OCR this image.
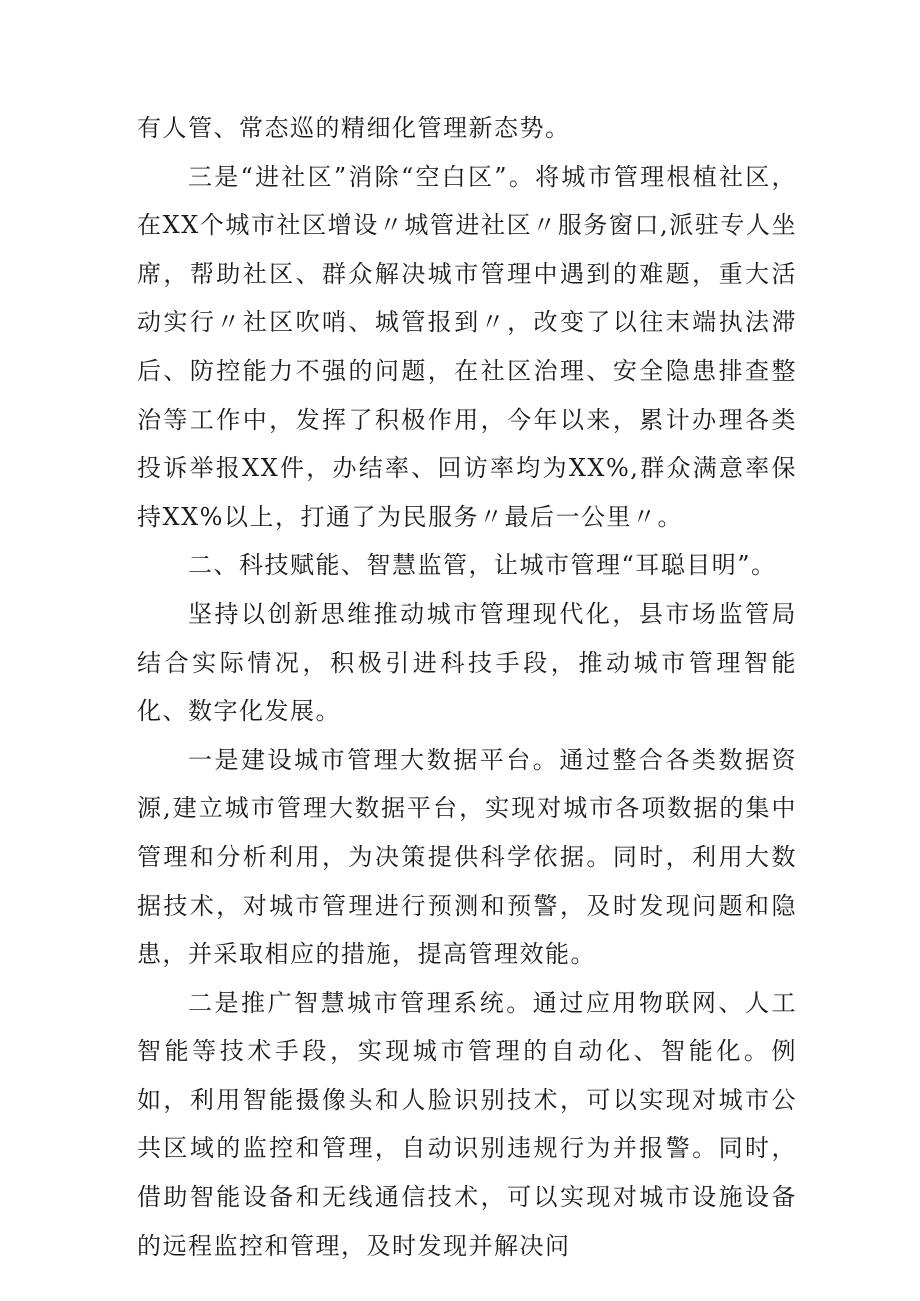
有人管、常态巡的精细化管理新态势。

三是“进社区”消除“空白区”。将城市管理根植社区，在XX个城市社区增设〃城管进社区〃服务窗口,派驻专人坐席，帮助社区、群众解决城市管理中遇到的难题，重大活动实行〃社区吹哨、城管报到〃，改变了以往末端执法滞后、防控能力不强的问题，在社区治理、安全隐患排查整治等工作中，发挥了积极作用，今年以来，累计办理各类投诉举报XX件，办结率、回访率均为XX%,群众满意率保持XX%以上，打通了为民服务〃最后一公里〃。

二、科技赋能、智慧监管，让城市管理“耳聪目明”。

坚持以创新思维推动城市管理现代化，县市场监管局结合实际情况，积极引进科技手段，推动城市管理智能化、数字化发展。

一是建设城市管理大数据平台。通过整合各类数据资源,建立城市管理大数据平台，实现对城市各项数据的集中管理和分析利用，为决策提供科学依据。同时，利用大数据技术，对城市管理进行预测和预警，及时发现问题和隐患，并采取相应的措施，提高管理效能。

二是推广智慧城市管理系统。通过应用物联网、人工智能等技术手段，实现城市管理的自动化、智能化。例如，利用智能摄像头和人脸识别技术，可以实现对城市公共区域的监控和管理，自动识别违规行为并报警。同时，借助智能设备和无线通信技术，可以实现对城市设施设备的远程监控和管理，及时发现并解决问
